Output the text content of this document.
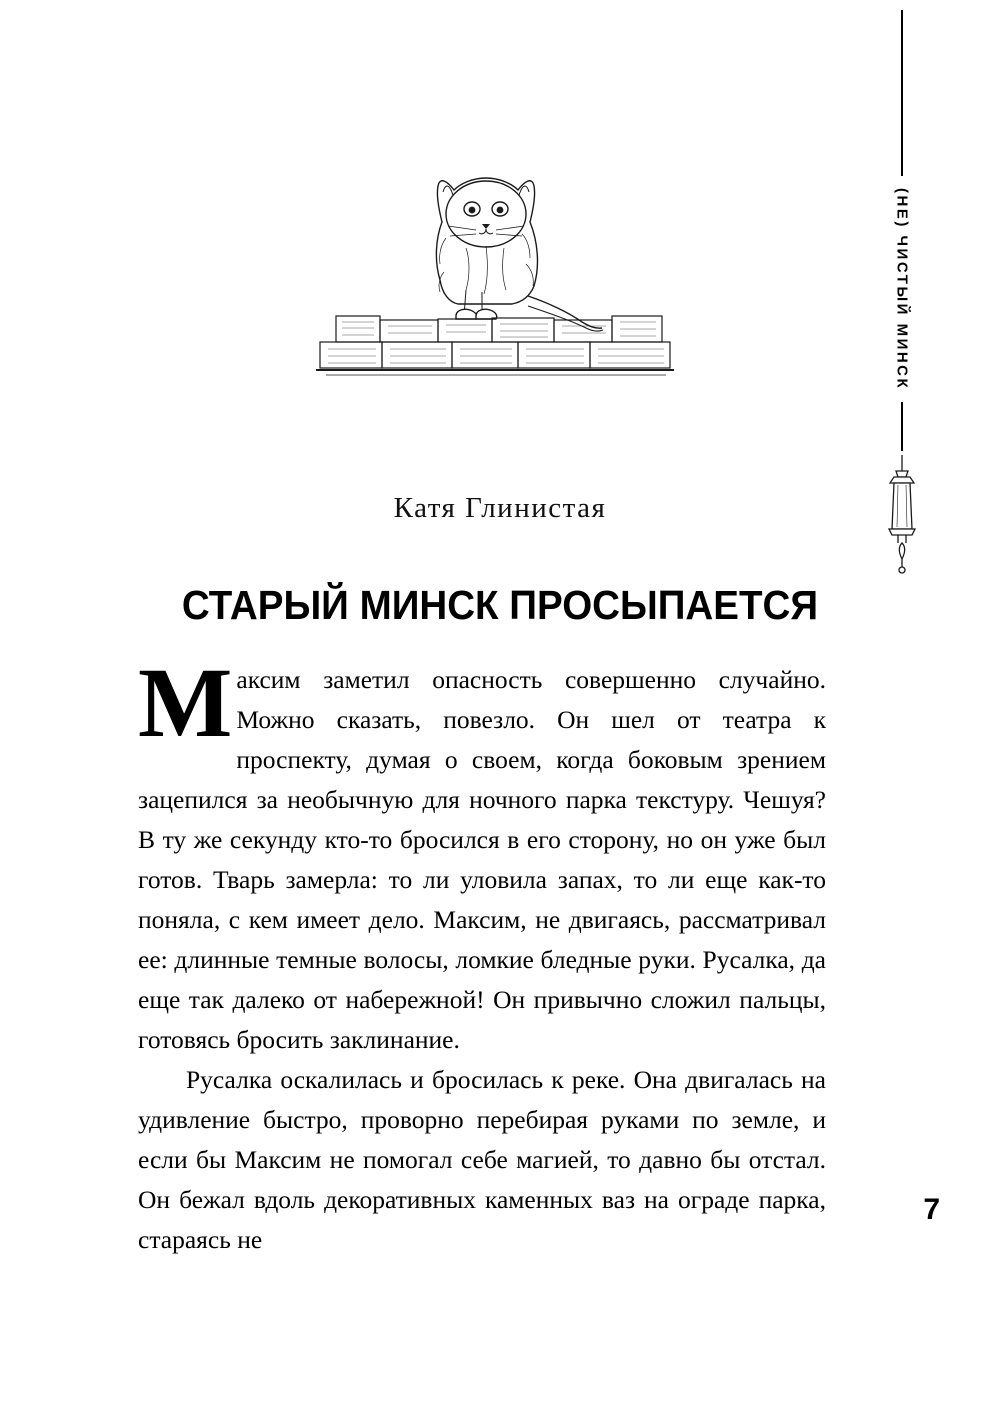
(НЕ) ЧИСТЫЙ МИНСК
Катя Глинистая
СТАРЫЙ МИНСК ПРОСЫПАЕТСЯ

Максим заметил опасность совершенно случайно. Можно сказать, повезло. Он шел от театра к проспекту, думая о своем, когда боковым зрением зацепился за необычную для ночного парка текстуру. Чешуя? В ту же секунду кто-то бросился в его сторону, но он уже был готов. Тварь замерла: то ли уловила запах, то ли еще как-то поняла, с кем имеет дело. Максим, не двигаясь, рассматривал ее: длинные темные волосы, ломкие бледные руки. Русалка, да еще так далеко от набережной! Он привычно сложил пальцы, готовясь бросить заклинание.

Русалка оскалилась и бросилась к реке. Она двигалась на удивление быстро, проворно перебирая руками по земле, и если бы Максим не помогал себе магией, то давно бы отстал. Он бежал вдоль декоративных каменных ваз на ограде парка, стараясь не

7
